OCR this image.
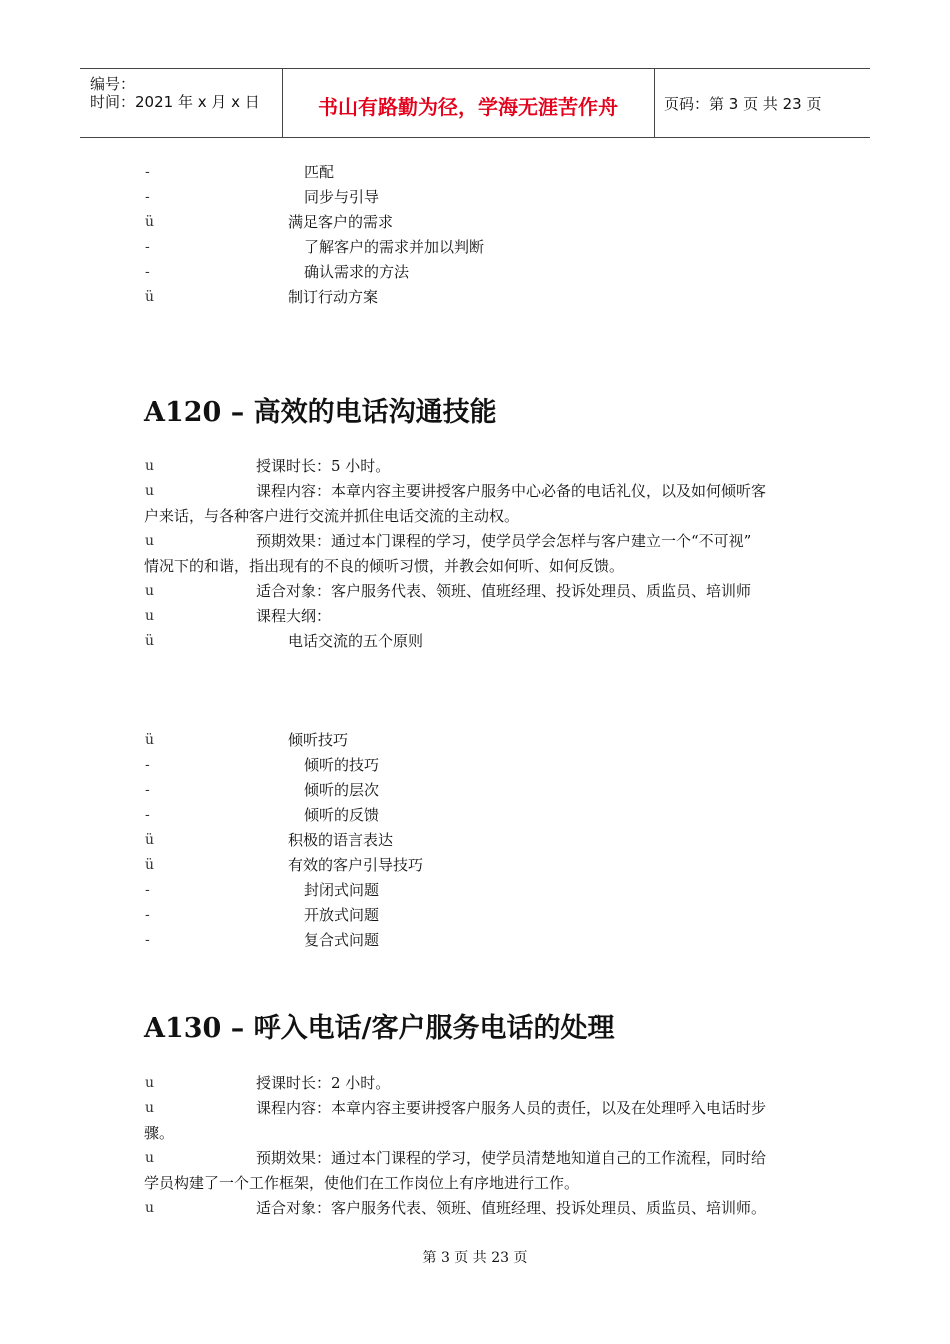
编号：
时间：2021 年 x 月 x 日	书山有路勤为径，学海无涯苦作舟	页码：第 3 页 共 23 页
-	匹配
-	同步与引导
ü	满足客户的需求
-	了解客户的需求并加以判断
-	确认需求的方法
ü	制订行动方案
A120 – 高效的电话沟通技能
u	授课时长：5 小时。
u	课程内容：本章内容主要讲授客户服务中心必备的电话礼仪，以及如何倾听客
户来话，与各种客户进行交流并抓住电话交流的主动权。
u	预期效果：通过本门课程的学习，使学员学会怎样与客户建立一个“不可视”
情况下的和谐，指出现有的不良的倾听习惯，并教会如何听、如何反馈。
u	适合对象：客户服务代表、领班、值班经理、投诉处理员、质监员、培训师
u	课程大纲：
ü	电话交流的五个原则
ü	倾听技巧
-	倾听的技巧
-	倾听的层次
-	倾听的反馈
ü	积极的语言表达
ü	有效的客户引导技巧
-	封闭式问题
-	开放式问题
-	复合式问题
A130 – 呼入电话/客户服务电话的处理
u	授课时长：2 小时。
u	课程内容：本章内容主要讲授客户服务人员的责任，以及在处理呼入电话时步
骤。
u	预期效果：通过本门课程的学习，使学员清楚地知道自己的工作流程，同时给
学员构建了一个工作框架，使他们在工作岗位上有序地进行工作。
u	适合对象：客户服务代表、领班、值班经理、投诉处理员、质监员、培训师。
第 3 页 共 23 页
